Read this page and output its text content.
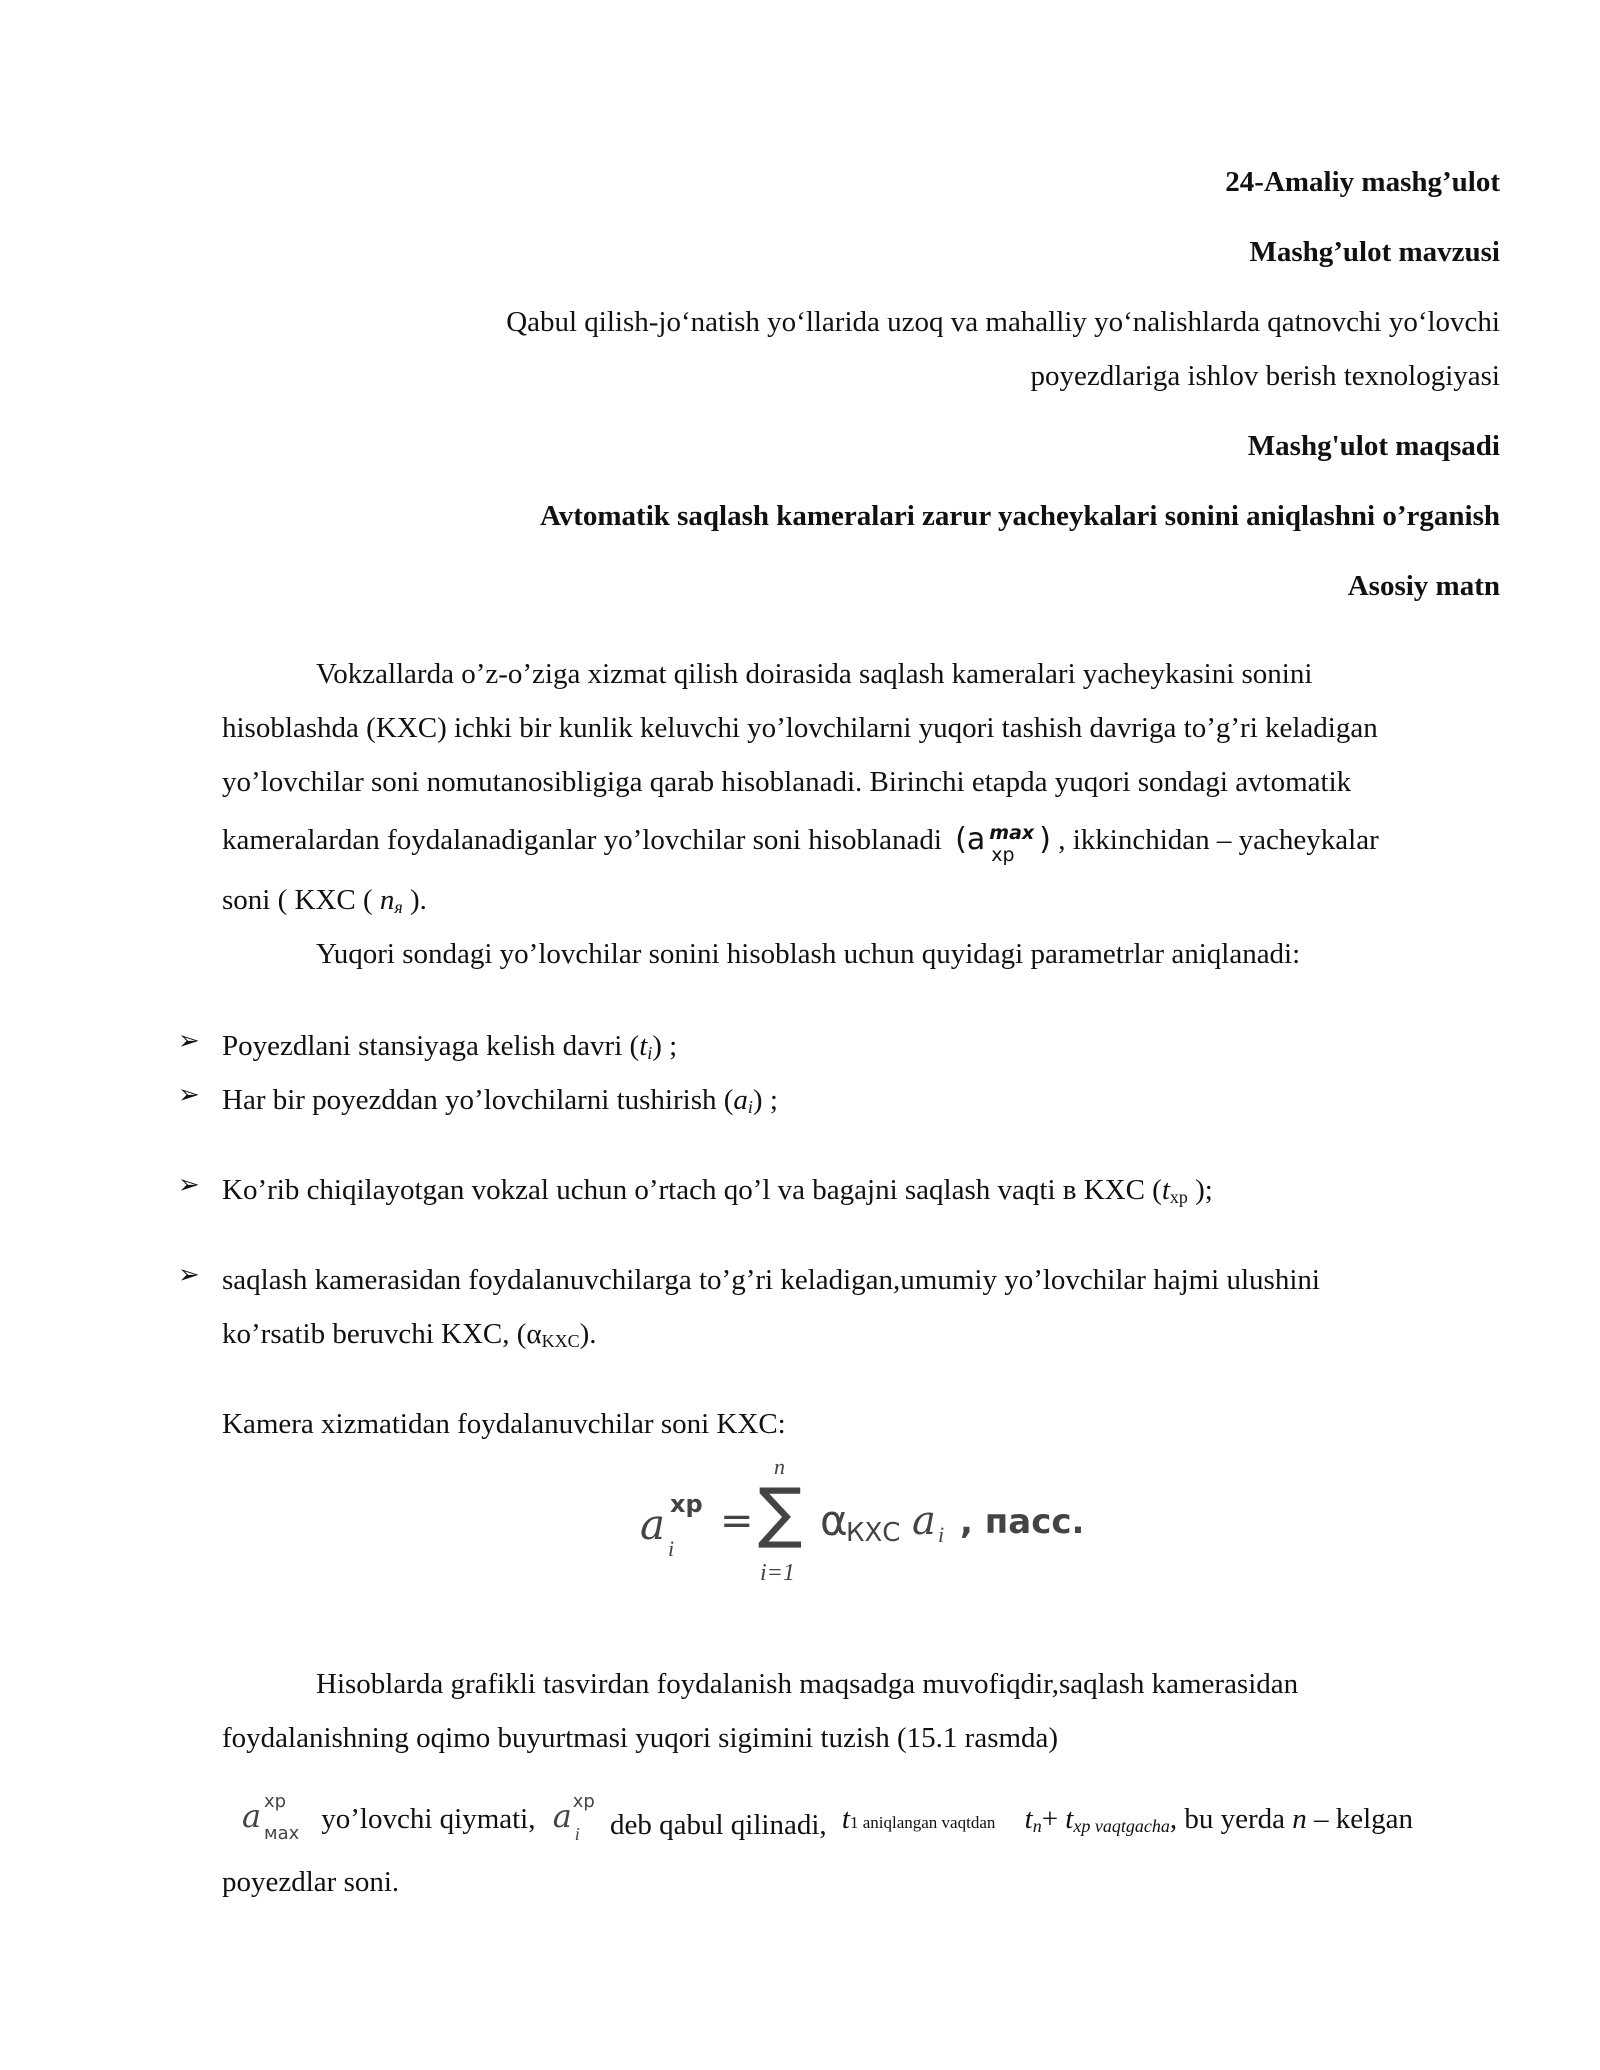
24-Amaliy mashg’ulot
Mashg’ulot mavzusi
Qabul qilish-jo‘natish yo‘llarida uzoq va mahalliy yo‘nalishlarda qatnovchi yo‘lovchi
poyezdlariga ishlov berish texnologiyasi
Mashg'ulot maqsadi
Avtomatik saqlash kameralari zarur yacheykalari sonini aniqlashni o’rganish
Asosiy matn
Vokzallarda o’z-o’ziga xizmat qilish doirasida saqlash kameralari yacheykasini sonini
hisoblashda (KXC) ichki bir kunlik keluvchi yo’lovchilarni yuqori tashish davriga to’g’ri keladigan
yo’lovchilar soni nomutanosibligiga qarab hisoblanadi. Birinchi etapda yuqori sondagi avtomatik
kameralardan foydalanadiganlar yo’lovchilar soni hisoblanadi (a max
xp ) , ikkinchidan – yacheykalar
soni ( KXC ( $n_я$ ).
Yuqori sondagi yo’lovchilar sonini hisoblash uchun quyidagi parametrlar aniqlanadi:
➢ Poyezdlani stansiyaga kelish davri $(t_i)$ ;
➢ Har bir poyezddan yo’lovchilarni tushirish $(a_i)$ ;
➢ Ko’rib chiqilayotgan vokzal uchun o’rtach qo’l va bagajni saqlash vaqti в KXC ($t_{xp}$ );
➢ saqlash kamerasidan foydalanuvchilarga to’g’ri keladigan,umumiy yo’lovchilar hajmi ulushini
ko’rsatib beruvchi KXC, $(\alpha_{KXC})$.
Kamera xizmatidan foydalanuvchilar soni KXC:
a xp
i
=
n
∑
i=1
α
КХС a i , пасс.
Hisoblarda grafikli tasvirdan foydalanish maqsadga muvofiqdir,saqlash kamerasidan
foydalanishning oqimo buyurtmasi yuqori sigimini tuzish (15.1 rasmda)
a xp
мах yo’lovchi qiymati, a xp
i deb qabul qilinadi, t1 aniqlangan vaqtdan $t_n+ t_{xp vaqtgacha}$, bu yerda n – kelgan
poyezdlar soni.
